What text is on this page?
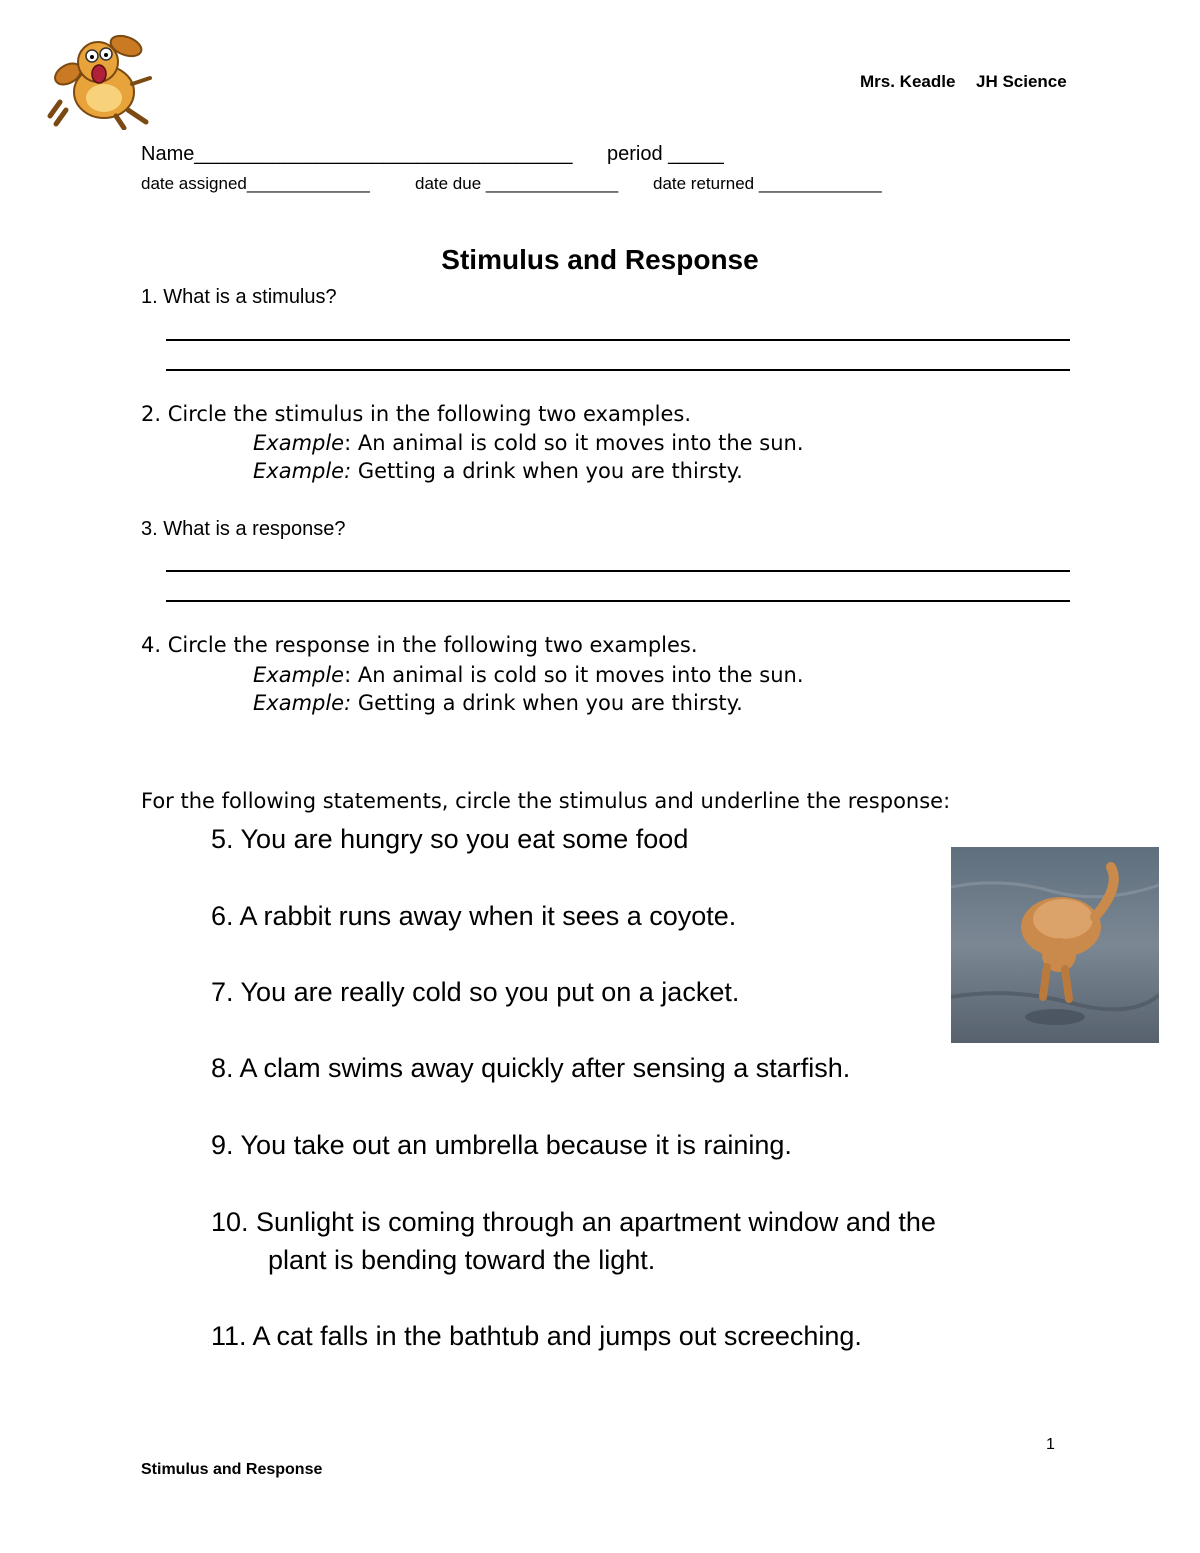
Mrs. Keadle JH Science
Name__________________________________ period _____
date assigned_____________	date due ______________ date returned _____________
Stimulus and Response
1. What is a stimulus?
2. Circle the stimulus in the following two examples.
Example: An animal is cold so it moves into the sun.
Example: Getting a drink when you are thirsty.
3. What is a response?
4. Circle the response in the following two examples.
Example: An animal is cold so it moves into the sun.
Example: Getting a drink when you are thirsty.
For the following statements, circle the stimulus and underline the response:
5. You are hungry so you eat some food
6. A rabbit runs away when it sees a coyote.
7. You are really cold so you put on a jacket.
8. A clam swims away quickly after sensing a starfish.
9. You take out an umbrella because it is raining.
10. Sunlight is coming through an apartment window and the
plant is bending toward the light.
11. A cat falls in the bathtub and jumps out screeching.
1
Stimulus and Response
